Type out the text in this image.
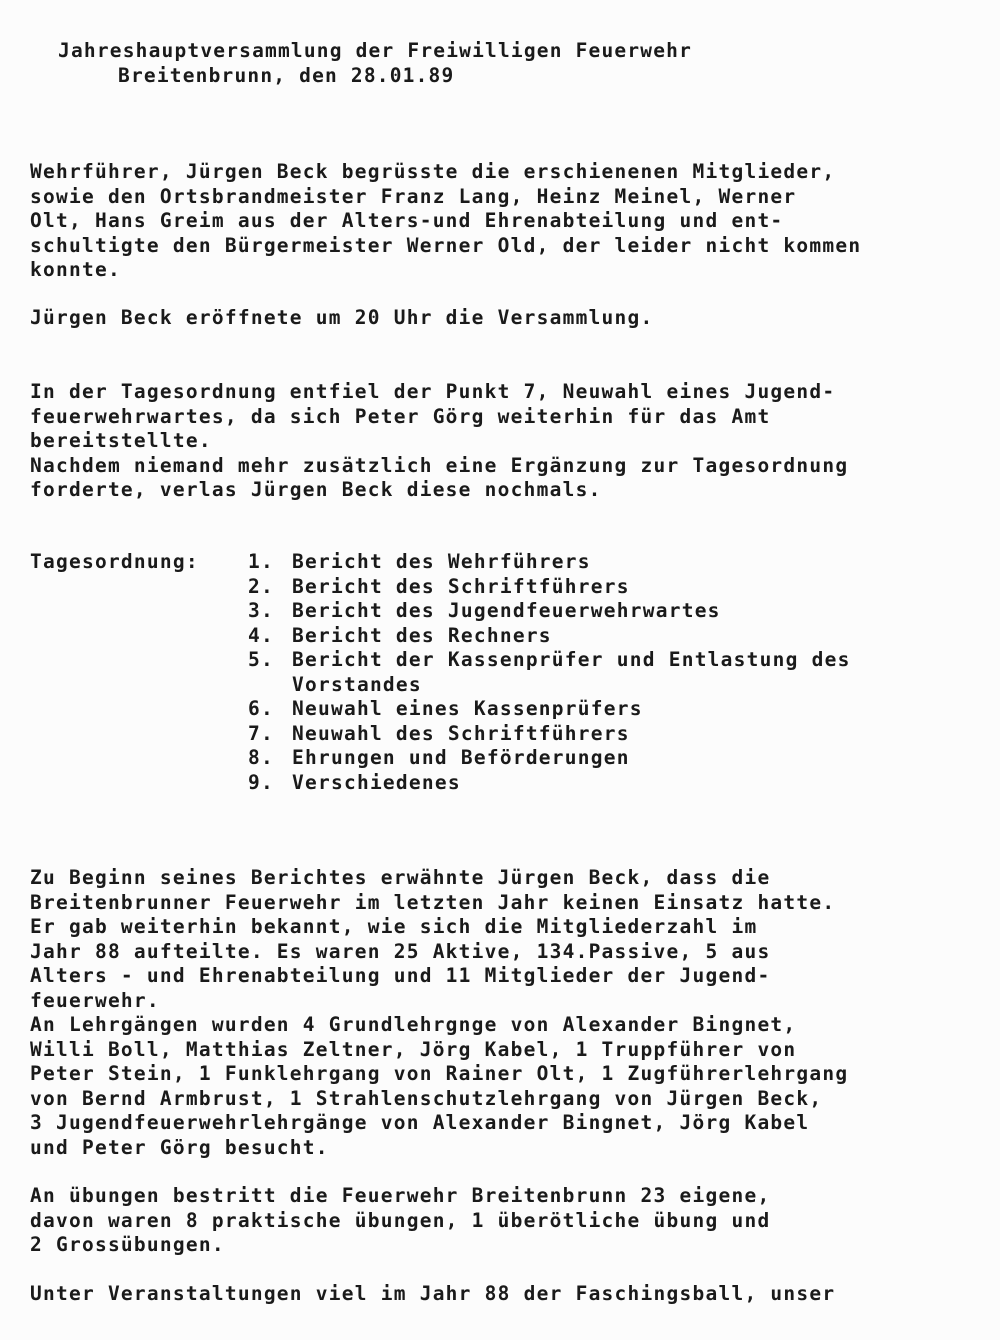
Jahreshauptversammlung der Freiwilligen Feuerwehr
Breitenbrunn, den 28.01.89
Wehrführer, Jürgen Beck begrüsste die erschienenen Mitglieder,
sowie den Ortsbrandmeister Franz Lang, Heinz Meinel, Werner
Olt, Hans Greim aus der Alters-und Ehrenabteilung und ent-
schultigte den Bürgermeister Werner Old, der leider nicht kommen
konnte.
Jürgen Beck eröffnete um 20 Uhr die Versammlung.
In der Tagesordnung entfiel der Punkt 7, Neuwahl eines Jugend-
feuerwehrwartes, da sich Peter Görg weiterhin für das Amt
bereitstellte.
Nachdem niemand mehr zusätzlich eine Ergänzung zur Tagesordnung
forderte, verlas Jürgen Beck diese nochmals.
Tagesordnung:	1. Bericht des Wehrführers
2. Bericht des Schriftführers
3. Bericht des Jugendfeuerwehrwartes
4. Bericht des Rechners
5. Bericht der Kassenprüfer und Entlastung des
Vorstandes
6. Neuwahl eines Kassenprüfers
7. Neuwahl des Schriftführers
8. Ehrungen und Beförderungen
9. Verschiedenes
Zu Beginn seines Berichtes erwähnte Jürgen Beck, dass die
Breitenbrunner Feuerwehr im letzten Jahr keinen Einsatz hatte.
Er gab weiterhin bekannt, wie sich die Mitgliederzahl im
Jahr 88 aufteilte. Es waren 25 Aktive, 134.Passive, 5 aus
Alters - und Ehrenabteilung und 11 Mitglieder der Jugend-
feuerwehr.
An Lehrgängen wurden 4 Grundlehrgnge von Alexander Bingnet,
Willi Boll, Matthias Zeltner, Jörg Kabel, 1 Truppführer von
Peter Stein, 1 Funklehrgang von Rainer Olt, 1 Zugführerlehrgang
von Bernd Armbrust, 1 Strahlenschutzlehrgang von Jürgen Beck,
3 Jugendfeuerwehrlehrgänge von Alexander Bingnet, Jörg Kabel
und Peter Görg besucht.
An übungen bestritt die Feuerwehr Breitenbrunn 23 eigene,
davon waren 8 praktische übungen, 1 überötliche übung und
2 Grossübungen.
Unter Veranstaltungen viel im Jahr 88 der Faschingsball, unser
